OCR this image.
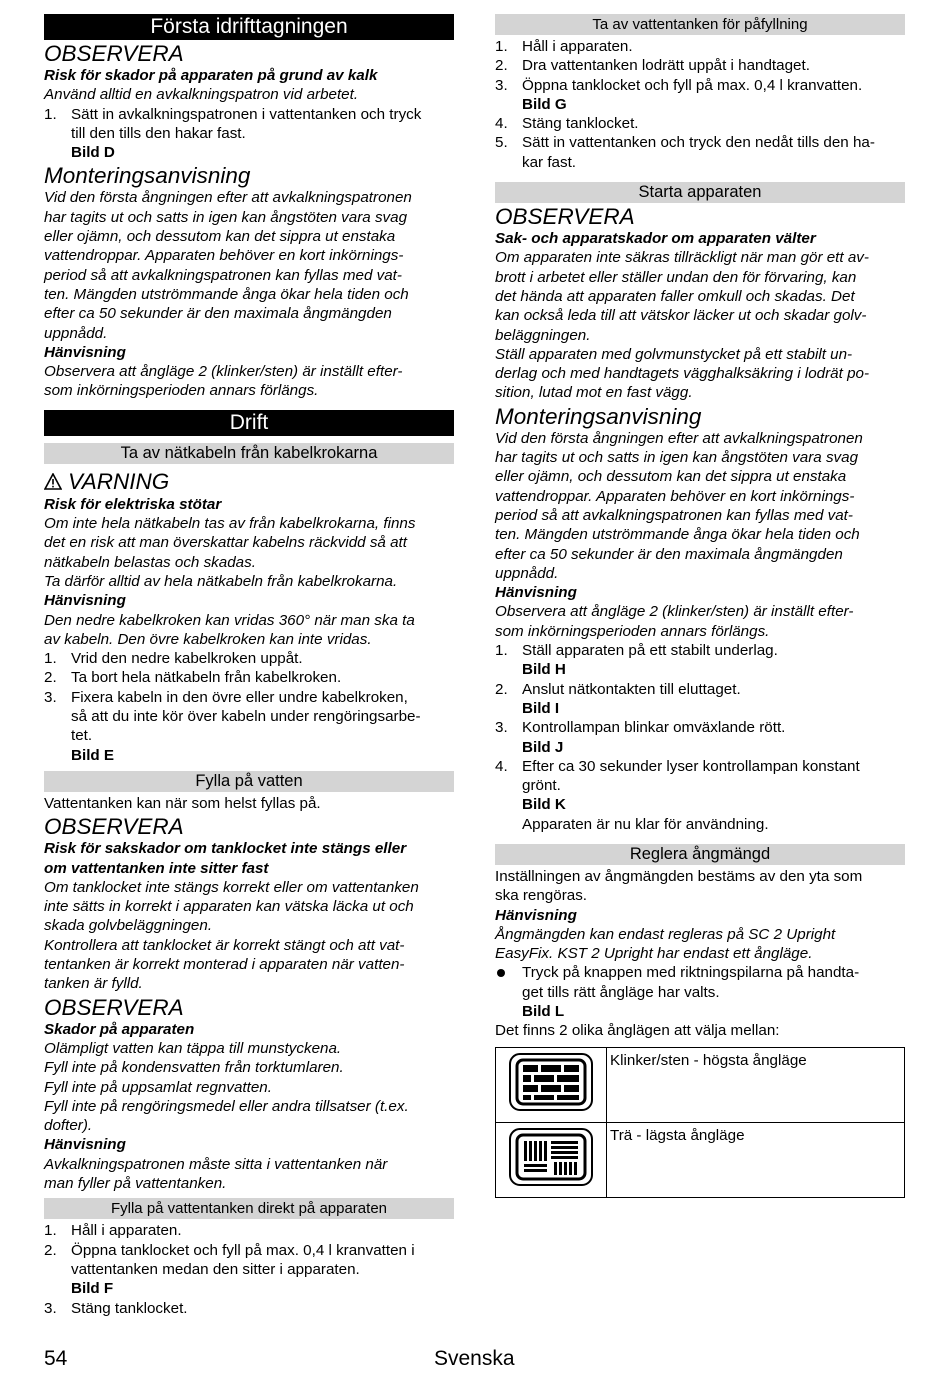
Första idrifttagningen
OBSERVERA
Risk för skador på apparaten på grund av kalk
Använd alltid en avkalkningspatron vid arbetet.
1. Sätt in avkalkningspatronen i vattentanken och tryck
till den tills den hakar fast.
Bild D
Monteringsanvisning
Vid den första ångningen efter att avkalkningspatronen
har tagits ut och satts in igen kan ångstöten vara svag
eller ojämn, och dessutom kan det sippra ut enstaka
vattendroppar. Apparaten behöver en kort inkörnings-
period så att avkalkningspatronen kan fyllas med vat-
ten. Mängden utströmmande ånga ökar hela tiden och
efter ca 50 sekunder är den maximala ångmängden
uppnådd.
Hänvisning
Observera att ångläge 2 (klinker/sten) är inställt efter-
som inkörningsperioden annars förlängs.
Drift
Ta av nätkabeln från kabelkrokarna
VARNING
Risk för elektriska stötar
Om inte hela nätkabeln tas av från kabelkrokarna, finns
det en risk att man överskattar kabelns räckvidd så att
nätkabeln belastas och skadas.
Ta därför alltid av hela nätkabeln från kabelkrokarna.
Hänvisning
Den nedre kabelkroken kan vridas 360° när man ska ta
av kabeln. Den övre kabelkroken kan inte vridas.
1. Vrid den nedre kabelkroken uppåt.
2. Ta bort hela nätkabeln från kabelkroken.
3. Fixera kabeln in den övre eller undre kabelkroken,
så att du inte kör över kabeln under rengöringsarbe-
tet.
Bild E
Fylla på vatten
Vattentanken kan när som helst fyllas på.
OBSERVERA
Risk för sakskador om tanklocket inte stängs eller
om vattentanken inte sitter fast
Om tanklocket inte stängs korrekt eller om vattentanken
inte sätts in korrekt i apparaten kan vätska läcka ut och
skada golvbeläggningen.
Kontrollera att tanklocket är korrekt stängt och att vat-
tentanken är korrekt monterad i apparaten när vatten-
tanken är fylld.
OBSERVERA
Skador på apparaten
Olämpligt vatten kan täppa till munstyckena.
Fyll inte på kondensvatten från torktumlaren.
Fyll inte på uppsamlat regnvatten.
Fyll inte på rengöringsmedel eller andra tillsatser (t.ex.
dofter).
Hänvisning
Avkalkningspatronen måste sitta i vattentanken när
man fyller på vattentanken.
Fylla på vattentanken direkt på apparaten
1. Håll i apparaten.
2. Öppna tanklocket och fyll på max. 0,4 l kranvatten i
vattentanken medan den sitter i apparaten.
Bild F
3. Stäng tanklocket.
Ta av vattentanken för påfyllning
1. Håll i apparaten.
2. Dra vattentanken lodrätt uppåt i handtaget.
3. Öppna tanklocket och fyll på max. 0,4 l kranvatten.
Bild G
4. Stäng tanklocket.
5. Sätt in vattentanken och tryck den nedåt tills den ha-
kar fast.
Starta apparaten
OBSERVERA
Sak- och apparatskador om apparaten välter
Om apparaten inte säkras tillräckligt när man gör ett av-
brott i arbetet eller ställer undan den för förvaring, kan
det hända att apparaten faller omkull och skadas. Det
kan också leda till att vätskor läcker ut och skadar golv-
beläggningen.
Ställ apparaten med golvmunstycket på ett stabilt un-
derlag och med handtagets vägghalksäkring i lodrät po-
sition, lutad mot en fast vägg.
Monteringsanvisning
Vid den första ångningen efter att avkalkningspatronen
har tagits ut och satts in igen kan ångstöten vara svag
eller ojämn, och dessutom kan det sippra ut enstaka
vattendroppar. Apparaten behöver en kort inkörnings-
period så att avkalkningspatronen kan fyllas med vat-
ten. Mängden utströmmande ånga ökar hela tiden och
efter ca 50 sekunder är den maximala ångmängden
uppnådd.
Hänvisning
Observera att ångläge 2 (klinker/sten) är inställt efter-
som inkörningsperioden annars förlängs.
1. Ställ apparaten på ett stabilt underlag.
Bild H
2. Anslut nätkontakten till eluttaget.
Bild I
3. Kontrollampan blinkar omväxlande rött.
Bild J
4. Efter ca 30 sekunder lyser kontrollampan konstant
grönt.
Bild K
Apparaten är nu klar för användning.
Reglera ångmängd
Inställningen av ångmängden bestäms av den yta som
ska rengöras.
Hänvisning
Ångmängden kan endast regleras på SC 2 Upright
EasyFix. KST 2 Upright har endast ett ångläge.
Tryck på knappen med riktningspilarna på handta-
get tills rätt ångläge har valts.
Bild L
Det finns 2 olika ånglägen att välja mellan:
	Klinker/sten - högsta ångläge
	Trä - lägsta ångläge
54	Svenska
